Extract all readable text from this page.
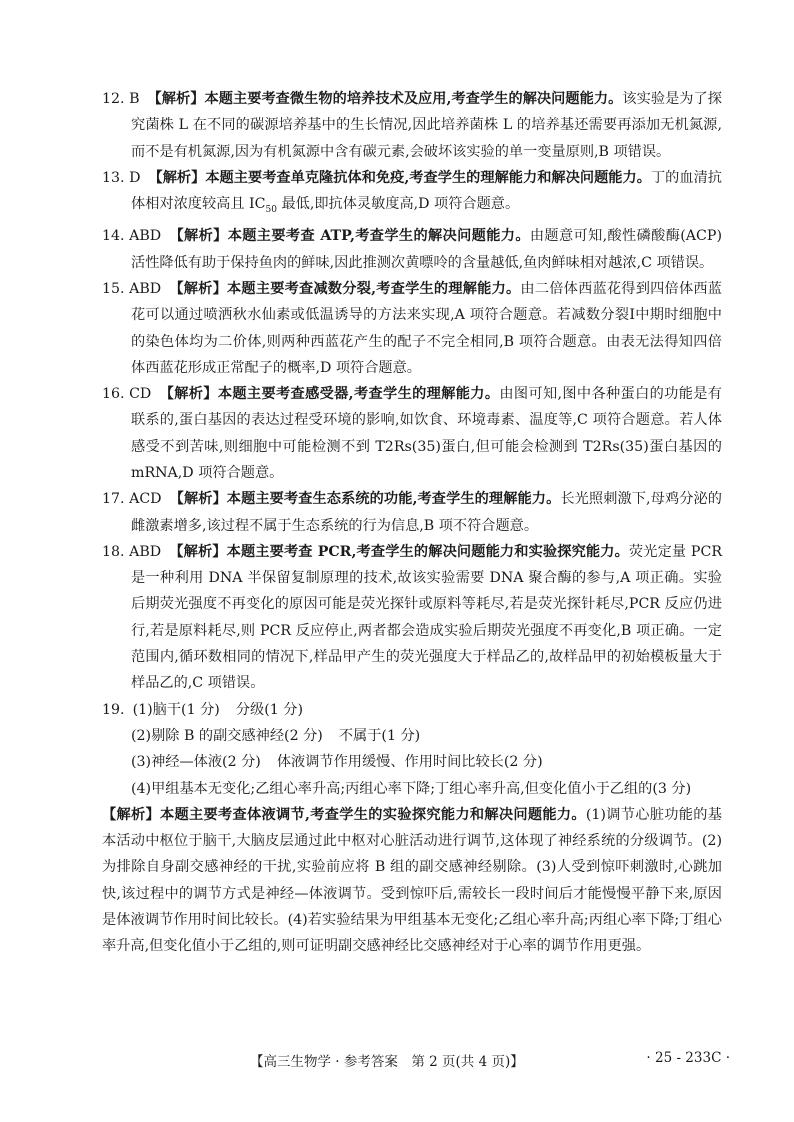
12. B 【解析】本题主要考查微生物的培养技术及应用,考查学生的解决问题能力。该实验是为了探究菌株 L 在不同的碳源培养基中的生长情况,因此培养菌株 L 的培养基还需要再添加无机氮源,而不是有机氮源,因为有机氮源中含有碳元素,会破坏该实验的单一变量原则,B 项错误。

13. D 【解析】本题主要考查单克隆抗体和免疫,考查学生的理解能力和解决问题能力。丁的血清抗体相对浓度较高且 $IC_{50}$ 最低,即抗体灵敏度高,D 项符合题意。

14. ABD 【解析】本题主要考查 ATP,考查学生的解决问题能力。由题意可知,酸性磷酸酶(ACP)活性降低有助于保持鱼肉的鲜味,因此推测次黄嘌呤的含量越低,鱼肉鲜味相对越浓,C 项错误。

15. ABD 【解析】本题主要考查减数分裂,考查学生的理解能力。由二倍体西蓝花得到四倍体西蓝花可以通过喷洒秋水仙素或低温诱导的方法来实现,A 项符合题意。若减数分裂Ⅰ中期时细胞中的染色体均为二价体,则两种西蓝花产生的配子不完全相同,B 项符合题意。由表无法得知四倍体西蓝花形成正常配子的概率,D 项符合题意。

16. CD 【解析】本题主要考查感受器,考查学生的理解能力。由图可知,图中各种蛋白的功能是有联系的,蛋白基因的表达过程受环境的影响,如饮食、环境毒素、温度等,C 项符合题意。若人体感受不到苦味,则细胞中可能检测不到 T2Rs(35)蛋白,但可能会检测到 T2Rs(35)蛋白基因的 mRNA,D 项符合题意。

17. ACD 【解析】本题主要考查生态系统的功能,考查学生的理解能力。长光照刺激下,母鸡分泌的雌激素增多,该过程不属于生态系统的行为信息,B 项不符合题意。

18. ABD 【解析】本题主要考查 PCR,考查学生的解决问题能力和实验探究能力。荧光定量 PCR 是一种利用 DNA 半保留复制原理的技术,故该实验需要 DNA 聚合酶的参与,A 项正确。实验后期荧光强度不再变化的原因可能是荧光探针或原料等耗尽,若是荧光探针耗尽,PCR 反应仍进行,若是原料耗尽,则 PCR 反应停止,两者都会造成实验后期荧光强度不再变化,B 项正确。一定范围内,循环数相同的情况下,样品甲产生的荧光强度大于样品乙的,故样品甲的初始模板量大于样品乙的,C 项错误。

19. (1)脑干(1 分) 分级(1 分)

(2)剔除 B 的副交感神经(2 分) 不属于(1 分)

(3)神经—体液(2 分) 体液调节作用缓慢、作用时间比较长(2 分)

(4)甲组基本无变化;乙组心率升高;丙组心率下降;丁组心率升高,但变化值小于乙组的(3 分)

【解析】本题主要考查体液调节,考查学生的实验探究能力和解决问题能力。(1)调节心脏功能的基本活动中枢位于脑干,大脑皮层通过此中枢对心脏活动进行调节,这体现了神经系统的分级调节。(2)为排除自身副交感神经的干扰,实验前应将 B 组的副交感神经剔除。(3)人受到惊吓刺激时,心跳加快,该过程中的调节方式是神经—体液调节。受到惊吓后,需较长一段时间后才能慢慢平静下来,原因是体液调节作用时间比较长。(4)若实验结果为甲组基本无变化;乙组心率升高;丙组心率下降;丁组心率升高,但变化值小于乙组的,则可证明副交感神经比交感神经对于心率的调节作用更强。

【高三生物学 · 参考答案　第 2 页(共 4 页)】	· 25 - 233C ·
